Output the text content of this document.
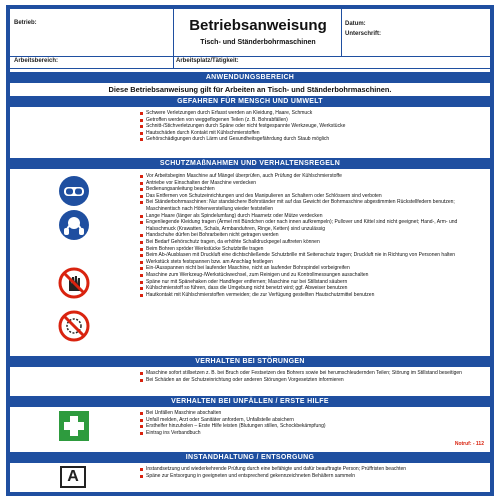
Betrieb:	Betriebsanweisung
Tisch- und Ständerbohrmaschinen
Datum:
Unterschrift:
Arbeitsbereich:	Arbeitsplatz/Tätigkeit:
ANWENDUNGSBEREICH
Diese Betriebsanweisung gilt für Arbeiten an Tisch- und Ständerbohrmaschinen.
GEFAHREN FÜR MENSCH UND UMWELT
Schwere Verletzungen durch Erfasst werden an Kleidung, Haare, Schmuck
Getroffen werden von weggeflogenen Teilen (z. B. Bohrabfällen)
Schnitt-/Stichverletzungen durch Späne oder nicht festgespannte Werkzeuge, Werkstücke
Hautschäden durch Kontakt mit Kühlschmierstoffen
Gehörschädigungen durch Lärm und Gesundheitsgefährdung durch Staub möglich
SCHUTZMAßNAHMEN UND VERHALTENSREGELN
Vor Arbeitsbeginn Maschine auf Mängel überprüfen, auch Prüfung der Kühlschmierstoffe
Antriebe vor Einschalten der Maschine verdecken
Bedienungsanleitung beachten
Das Entfernen von Schutzeinrichtungen und des Manipulieren an Schaltern oder Schlössern sind verboten
Bei Ständerbohrmaschinen: Nur standsichere Bohrständer mit auf das Gewicht der Bohrmaschine abgestimmten Rückstellfedern benutzen; Maschinentisch nach Höhenverstellung wieder feststellen
Lange Haare (länger als Spindelumfang) durch Haarnetz oder Mütze verdecken
Engenliegende Kleidung tragen (Ärmel mit Bündchen oder nach innen aufkrempeln); Pullover und Kittel sind nicht geeignet; Hand-, Arm- und Halsschmuck (Krawatten, Schals, Armbanduhren, Ringe, Ketten) sind unzulässig
Handschuhe dürfen bei Bohrarbeiten nicht getragen werden
Bei Bedarf Gehörschutz tragen, da erhöhte Schalldruckpegel auftreten können
Beim Bohren spröder Werkstücke Schutzbrille tragen
Beim Ab-/Ausblasen mit Druckluft eine dichtschließende Schutzbrille mit Seitenschutz tragen; Druckluft nie in Richtung von Personen halten
Werkstück stets festspannen bzw. am Anschlag festlegen
Ein-/Ausspannen nicht bei laufender Maschine, nicht an laufender Bohrspindel vorbeigreifen
Maschine zum Werkzeug-/Werkstückwechsel, zum Reinigen und zu Kontrollmessungen ausschalten
Späne nur mit Spänehaken oder Handfeger entfernen; Maschine nur bei Stillstand säubern
Kühlschmierstoff so führen, dass die Umgebung nicht benetzt wird; ggf. Abweiser benutzen
Hautkontakt mit Kühlschmierstoffen vermeiden; die zur Verfügung gestellten Hautschutzmittel benutzen
VERHALTEN BEI STÖRUNGEN
Maschine sofort stillsetzen z. B. bei Bruch oder Festsetzen des Bohrers sowie bei herumschleudernden Teilen; Störung im Stillstand beseitigen
Bei Schäden an der Schutzeinrichtung oder anderen Störungen Vorgesetzten informieren
VERHALTEN BEI UNFÄLLEN / ERSTE HILFE
Bei Unfällen Maschine abschalten
Unfall melden, Arzt oder Sanitäter anfordern, Unfallstelle absichern
Ersthelfer hinzuholen – Erste Hilfe leisten (Blutungen stillen, Schockbekämpfung)
Eintrag ins Verbandbuch
Notruf: - 112
INSTANDHALTUNG / ENTSORGUNG
A	Instandsetzung und wiederkehrende Prüfung durch eine befähigte und dafür beauftragte Person; Prüffristen beachten
Späne zur Entsorgung in geeigneten und entsprechend gekennzeichneten Behältern sammeln
